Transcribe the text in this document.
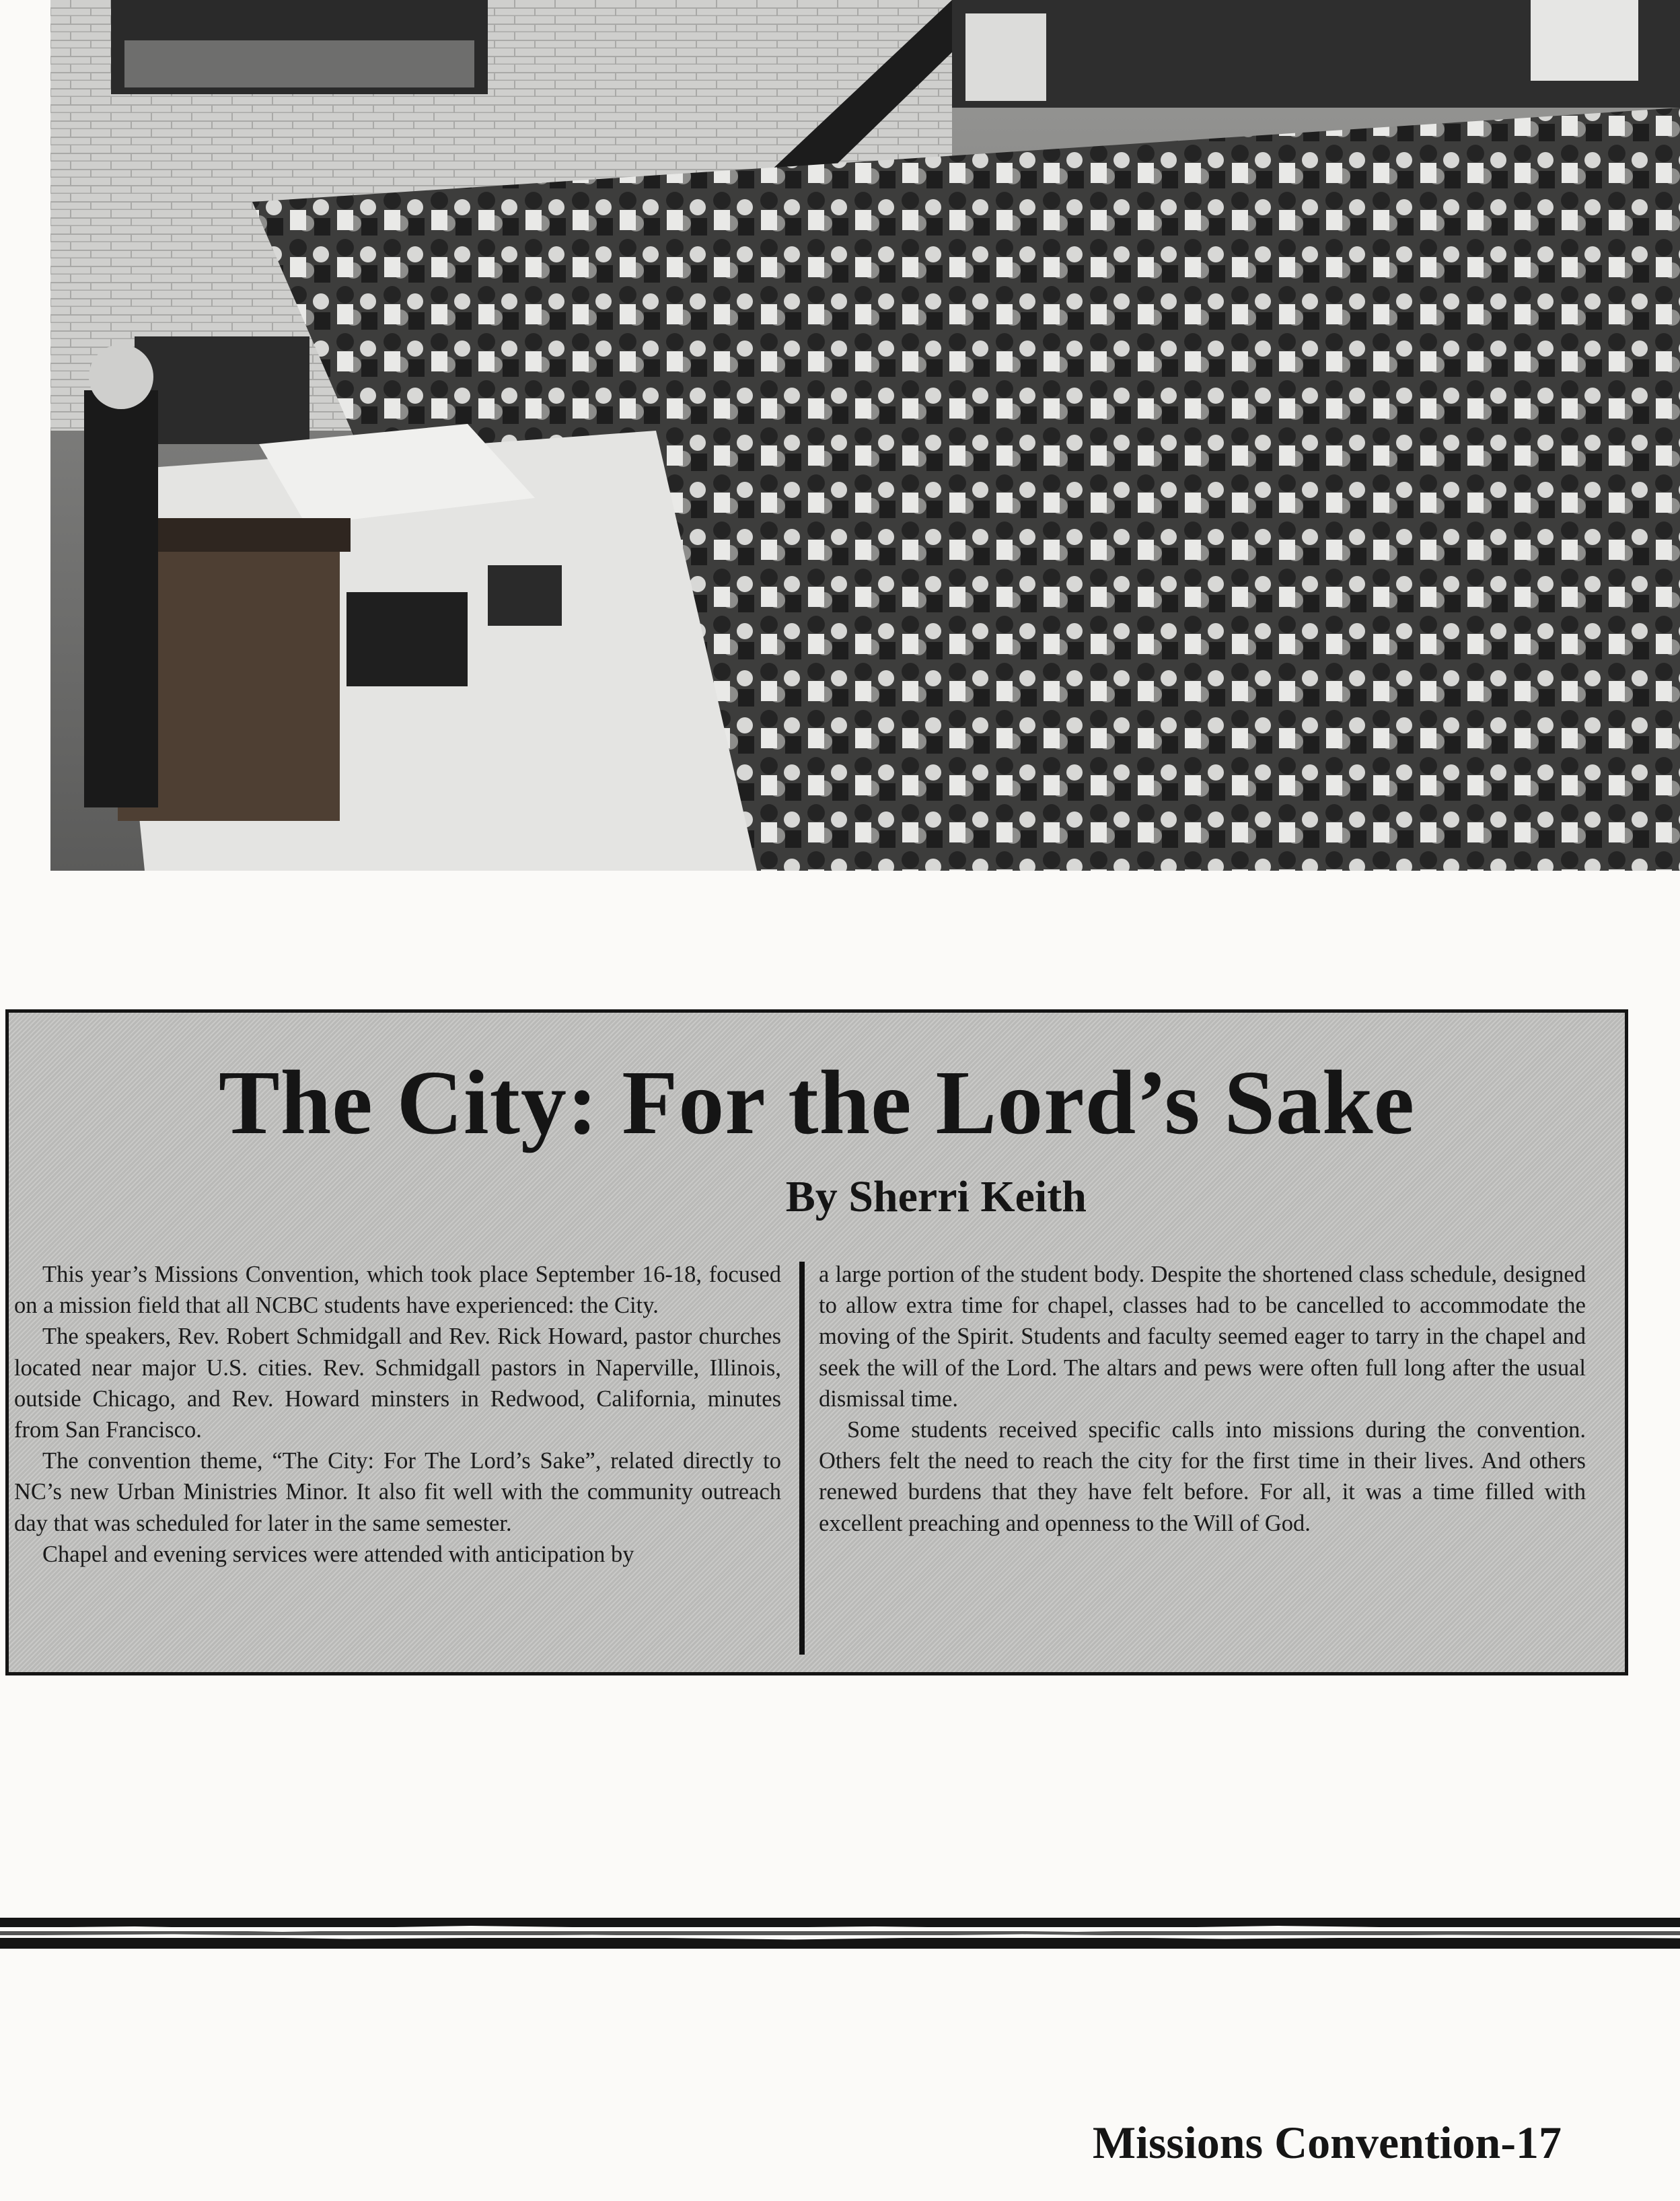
The City: For the Lord’s Sake

By Sherri Keith

This year’s Missions Convention, which took place September 16-18, focused on a mission field that all NCBC students have experienced: the City.

The speakers, Rev. Robert Schmidgall and Rev. Rick Howard, pastor churches located near major U.S. cities. Rev. Schmidgall pastors in Naperville, Illinois, outside Chicago, and Rev. Howard minsters in Redwood, California, minutes from San Francisco.

The convention theme, “The City: For The Lord’s Sake”, related directly to NC’s new Urban Ministries Minor. It also fit well with the community outreach day that was scheduled for later in the same semester.

Chapel and evening services were attended with anticipation by

a large portion of the student body. Despite the shortened class schedule, designed to allow extra time for chapel, classes had to be cancelled to accommodate the moving of the Spirit. Students and faculty seemed eager to tarry in the chapel and seek the will of the Lord. The altars and pews were often full long after the usual dismissal time.

Some students received specific calls into missions during the convention. Others felt the need to reach the city for the first time in their lives. And others renewed burdens that they have felt before. For all, it was a time filled with excellent preaching and openness to the Will of God.

Missions Convention-17
